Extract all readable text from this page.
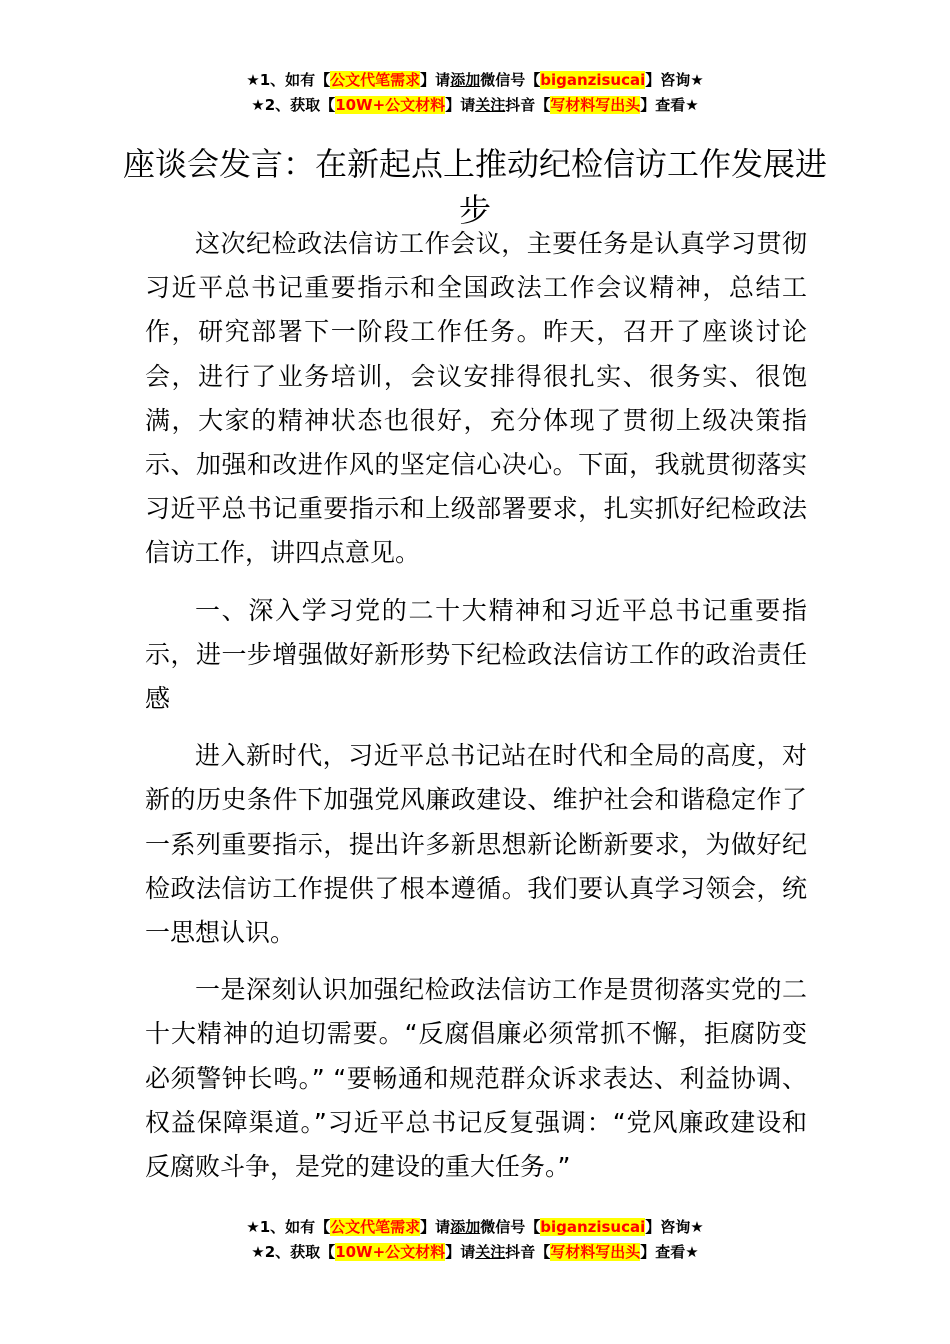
★1、如有【公文代笔需求】请添加微信号【biganzisucai】咨询★
★2、获取【10W+公文材料】请关注抖音【写材料写出头】查看★
座谈会发言：在新起点上推动纪检信访工作发展进步

这次纪检政法信访工作会议，主要任务是认真学习贯彻习近平总书记重要指示和全国政法工作会议精神，总结工作，研究部署下一阶段工作任务。昨天，召开了座谈讨论会，进行了业务培训，会议安排得很扎实、很务实、很饱满，大家的精神状态也很好，充分体现了贯彻上级决策指示、加强和改进作风的坚定信心决心。下面，我就贯彻落实习近平总书记重要指示和上级部署要求，扎实抓好纪检政法信访工作，讲四点意见。

一、深入学习党的二十大精神和习近平总书记重要指示，进一步增强做好新形势下纪检政法信访工作的政治责任感

进入新时代，习近平总书记站在时代和全局的高度，对新的历史条件下加强党风廉政建设、维护社会和谐稳定作了一系列重要指示，提出许多新思想新论断新要求，为做好纪检政法信访工作提供了根本遵循。我们要认真学习领会，统一思想认识。

一是深刻认识加强纪检政法信访工作是贯彻落实党的二十大精神的迫切需要。“反腐倡廉必须常抓不懈，拒腐防变必须警钟长鸣。” “要畅通和规范群众诉求表达、利益协调、权益保障渠道。”习近平总书记反复强调：“党风廉政建设和反腐败斗争，是党的建设的重大任务。”

★1、如有【公文代笔需求】请添加微信号【biganzisucai】咨询★
★2、获取【10W+公文材料】请关注抖音【写材料写出头】查看★
